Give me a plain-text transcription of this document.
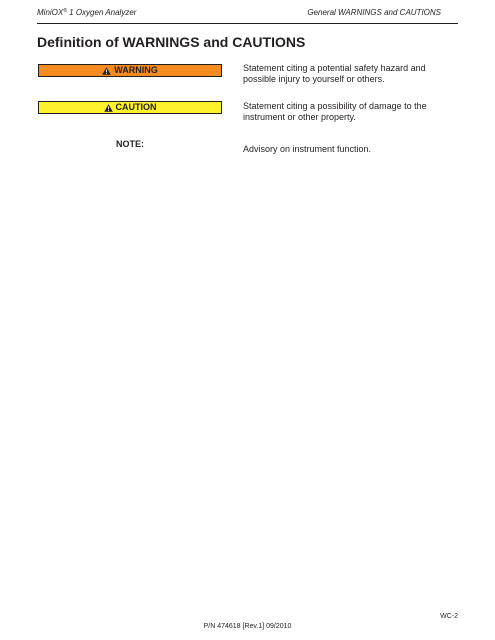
MiniOX® 1 Oxygen Analyzer	General WARNINGS and CAUTIONS
Definition of WARNINGS and CAUTIONS
WARNING	Statement citing a potential safety hazard and possible injury to yourself or others.

CAUTION	Statement citing a possibility of damage to the instrument or other property.

NOTE:	Advisory on instrument function.

P/N 474618 [Rev.1] 09/2010
WC-2
